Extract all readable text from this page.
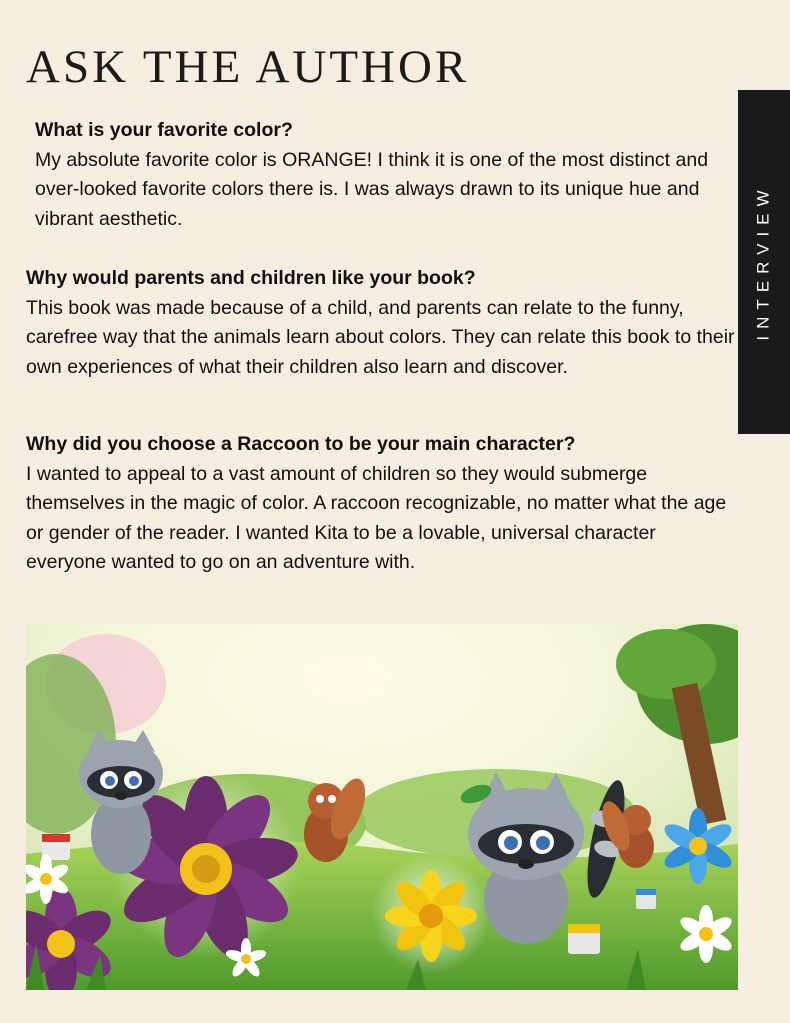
ASK THE AUTHOR
INTERVIEW
What is your favorite color?
My absolute favorite color is ORANGE! I think it is one of the most distinct and over-looked favorite colors there is. I was always drawn to its unique hue and vibrant aesthetic.
Why would parents and children like your book?
This book was made because of a child, and parents can relate to the funny, carefree way that the animals learn about colors. They can relate this book to their own experiences of what their children also learn and discover.
Why did you choose a Raccoon to be your main character?
I wanted to appeal to a vast amount of children so they would submerge themselves in the magic of color. A raccoon recognizable, no matter what the age or gender of the reader. I wanted Kita to be a lovable, universal character everyone wanted to go on an adventure with.
